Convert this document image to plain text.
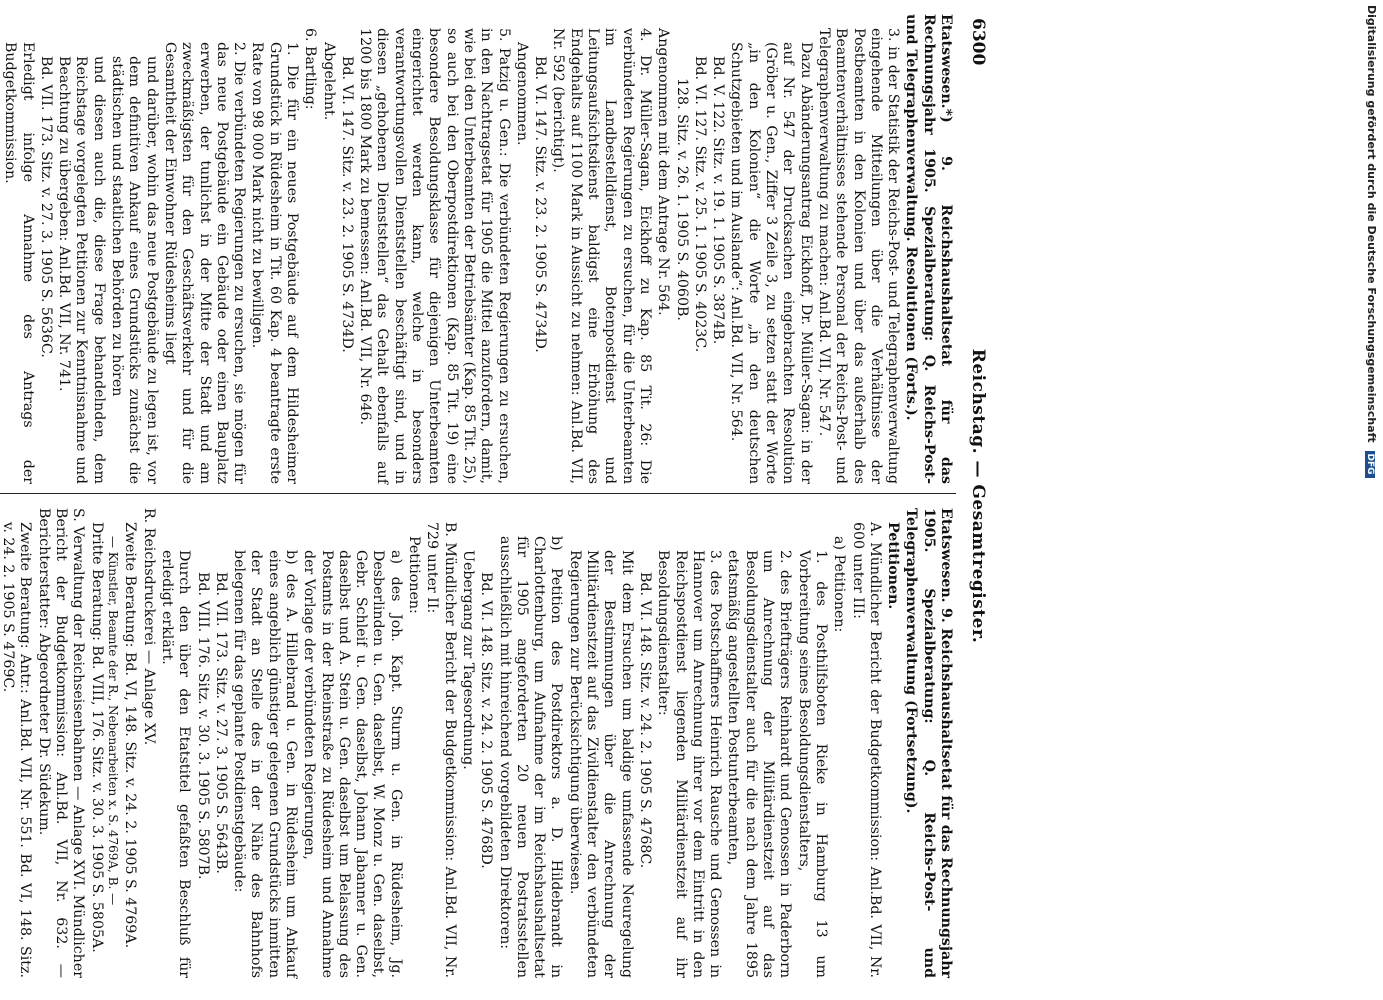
6300
Reichstag. — Gesamtregister.

Etatswesen.*) 9. Reichshaushaltsetat für das Rechnungsjahr 1905. Spezialberatung: Q. Reichs-Post- und Telegraphenverwaltung. Resolutionen (Forts.).

3. in der Statistik der Reichs-Post- und Telegraphenverwaltung eingehende Mitteilungen über die Verhältnisse der Postbeamten in den Kolonien und über das außerhalb des Beamtenverhältnisses stehende Personal der Reichs-Post- und Telegraphenverwaltung zu machen: Anl.Bd. VII, Nr. 547.

Dazu Abänderungsantrag Eickhoff, Dr. Müller-Sagan: in der auf Nr. 547 der Drucksachen eingebrachten Resolution (Gröber u. Gen., Ziffer 3 Zeile 3, zu setzen statt der Worte „in den Kolonien“ die Worte „in den deutschen Schutzgebieten und im Auslande“: Anl.Bd. VII, Nr. 564.

Bd. V. 122. Sitz. v. 19. 1. 1905 S. 3874B.

Bd. VI. 127. Sitz. v. 25. 1. 1905 S. 4023C.

128. Sitz. v. 26. 1. 1905 S. 4060B.

Angenommen mit dem Antrage Nr. 564.

4. Dr. Müller-Sagan, Eickhoff zu Kap. 85 Tit. 26: Die verbündeten Regierungen zu ersuchen, für die Unterbeamten im Landbestelldienst, Botenpostdienst und Leitungsaufsichtsdienst baldigst eine Erhöhung des Endgehalts auf 1100 Mark in Aussicht zu nehmen: Anl.Bd. VII, Nr. 592 (berichtigt).

Bd. VI. 147. Sitz. v. 23. 2. 1905 S. 4734D.

Angenommen.

5. Patzig u. Gen.: Die verbündeten Regierungen zu ersuchen, in den Nachtragsetat für 1905 die Mittel anzufordern, damit, wie bei den Unterbeamten der Betriebsämter (Kap. 85 Tit. 25), so auch bei den Oberpostdirektionen (Kap. 85 Tit. 19) eine besondere Besoldungsklasse für diejenigen Unterbeamten eingerichtet werden kann, welche in besonders verantwortungsvollen Dienststellen beschäftigt sind, und in diesen „gehobenen Dienststellen“ das Gehalt ebenfalls auf 1200 bis 1800 Mark zu bemessen: Anl.Bd. VII, Nr. 646.

Bd. VI. 147. Sitz. v. 23. 2. 1905 S. 4734D.

Abgelehnt.

6. Bartling:

1. Die für ein neues Postgebäude auf dem Hildesheimer Grundstück in Rüdesheim in Tit. 60 Kap. 4 beantragte erste Rate von 98 000 Mark nicht zu bewilligen.

2. Die verbündeten Regierungen zu ersuchen, sie mögen für das neue Postgebäude ein Gebäude oder einen Bauplatz erwerben, der tunlichst in der Mitte der Stadt und am zweckmäßigsten für den Geschäftsverkehr und für die Gesamtheit der Einwohner Rüdesheims liegt

und darüber, wohin das neue Postgebäude zu legen ist, vor dem definitiven Ankauf eines Grundstücks zunächst die städtischen und staatlichen Behörden zu hören

und diesen auch die, diese Frage behandelnden, dem Reichstage vorgelegten Petitionen zur Kenntnisnahme und Beachtung zu übergeben: Anl.Bd. VII, Nr. 741.

Bd. VII. 173. Sitz. v. 27. 3. 1905 S. 5636C.

Erledigt infolge Annahme des Antrags der Budgetkommission.

Etatswesen. 9. Reichshaushaltsetat für das Rechnungsjahr 1905. Spezialberatung: Q. Reichs-Post- und Telegraphenverwaltung (Fortsetzung).

Petitionen.

A. Mündlicher Bericht der Budgetkommission: Anl.Bd. VII, Nr. 600 unter III:

a) Petitionen:

1. des Posthilfsboten Rieke in Hamburg 13 um Vorbereitung seines Besoldungsdienstalters,

2. des Briefträgers Reinhardt und Genossen in Paderborn um Anrechnung der Militärdienstzeit auf das Besoldungsdienstalter auch für die nach dem Jahre 1895 etatsmäßig angestellten Postunterbeamten,

3. des Postschaffners Heinrich Rausche und Genossen in Hannover um Anrechnung ihrer vor dem Eintritt in den Reichspostdienst liegenden Militärdienstzeit auf ihr Besoldungsdienstalter:

Bd. VI. 148. Sitz. v. 24. 2. 1905 S. 4768C.

Mit dem Ersuchen um baldige umfassende Neuregelung der Bestimmungen über die Anrechnung der Militärdienstzeit auf das Zivildienstalter den verbündeten Regierungen zur Berücksichtigung überwiesen.

b) Petition des Postdirektors a. D. Hildebrandt in Charlottenburg, um Aufnahme der im Reichshaushaltsetat für 1905 angeforderten 20 neuen Postratsstellen ausschließlich mit hinreichend vorgebildeten Direktoren:

Bd. VI. 148. Sitz. v. 24. 2. 1905 S. 4768D.

Uebergang zur Tagesordnung.

B. Mündlicher Bericht der Budgetkommission: Anl.Bd. VII, Nr. 729 unter II:

Petitionen:

a) des Joh. Kapt. Sturm u. Gen. in Rüdesheim, Jg. Desberlinden u. Gen. daselbst, W. Monz u. Gen. daselbst, Gebr. Schleif u. Gen. daselbst, Johann Jabanner u. Gen. daselbst und A. Stein u. Gen. daselbst um Belassung des Postamts in der Rheinstraße zu Rüdesheim und Annahme der Vorlage der verbündeten Regierungen,

b) des A. Hillebrand u. Gen. in Rüdesheim um Ankauf eines angeblich günstiger gelegenen Grundstücks inmitten der Stadt an Stelle des in der Nähe des Bahnhofs belegenen für das geplante Postdienstgebäude:

Bd. VII. 173. Sitz. v. 27. 3. 1905 S. 5643B.

Bd. VIII. 176. Sitz. v. 30. 3. 1905 S. 5807B.

Durch den über den Etatstitel gefaßten Beschluß für erledigt erklärt.

R. Reichsdruckerei — Anlage XV.

Zweite Beratung: Bd. VI, 148. Sitz. v. 24. 2. 1905 S. 4769A.

— Künstler, Beamte der R., Nebenarbeiten x. S. 4769A, B. —

Dritte Beratung: Bd. VIII, 176. Sitz. v. 30. 3. 1905 S. 5805A.

S. Verwaltung der Reichseisenbahnen — Anlage XVI. Mündlicher Bericht der Budgetkommission: Anl.Bd. VII, Nr. 632. — Berichterstatter: Abgeordneter Dr. Südekum.

Zweite Beratung: Antr.: Anl.Bd. VII, Nr. 551. Bd. VI, 148. Sitz. v. 24. 2. 1905 S. 4769C.

Digitalisierung gefördert durch die Deutsche Forschungsgemeinschaft DFG
